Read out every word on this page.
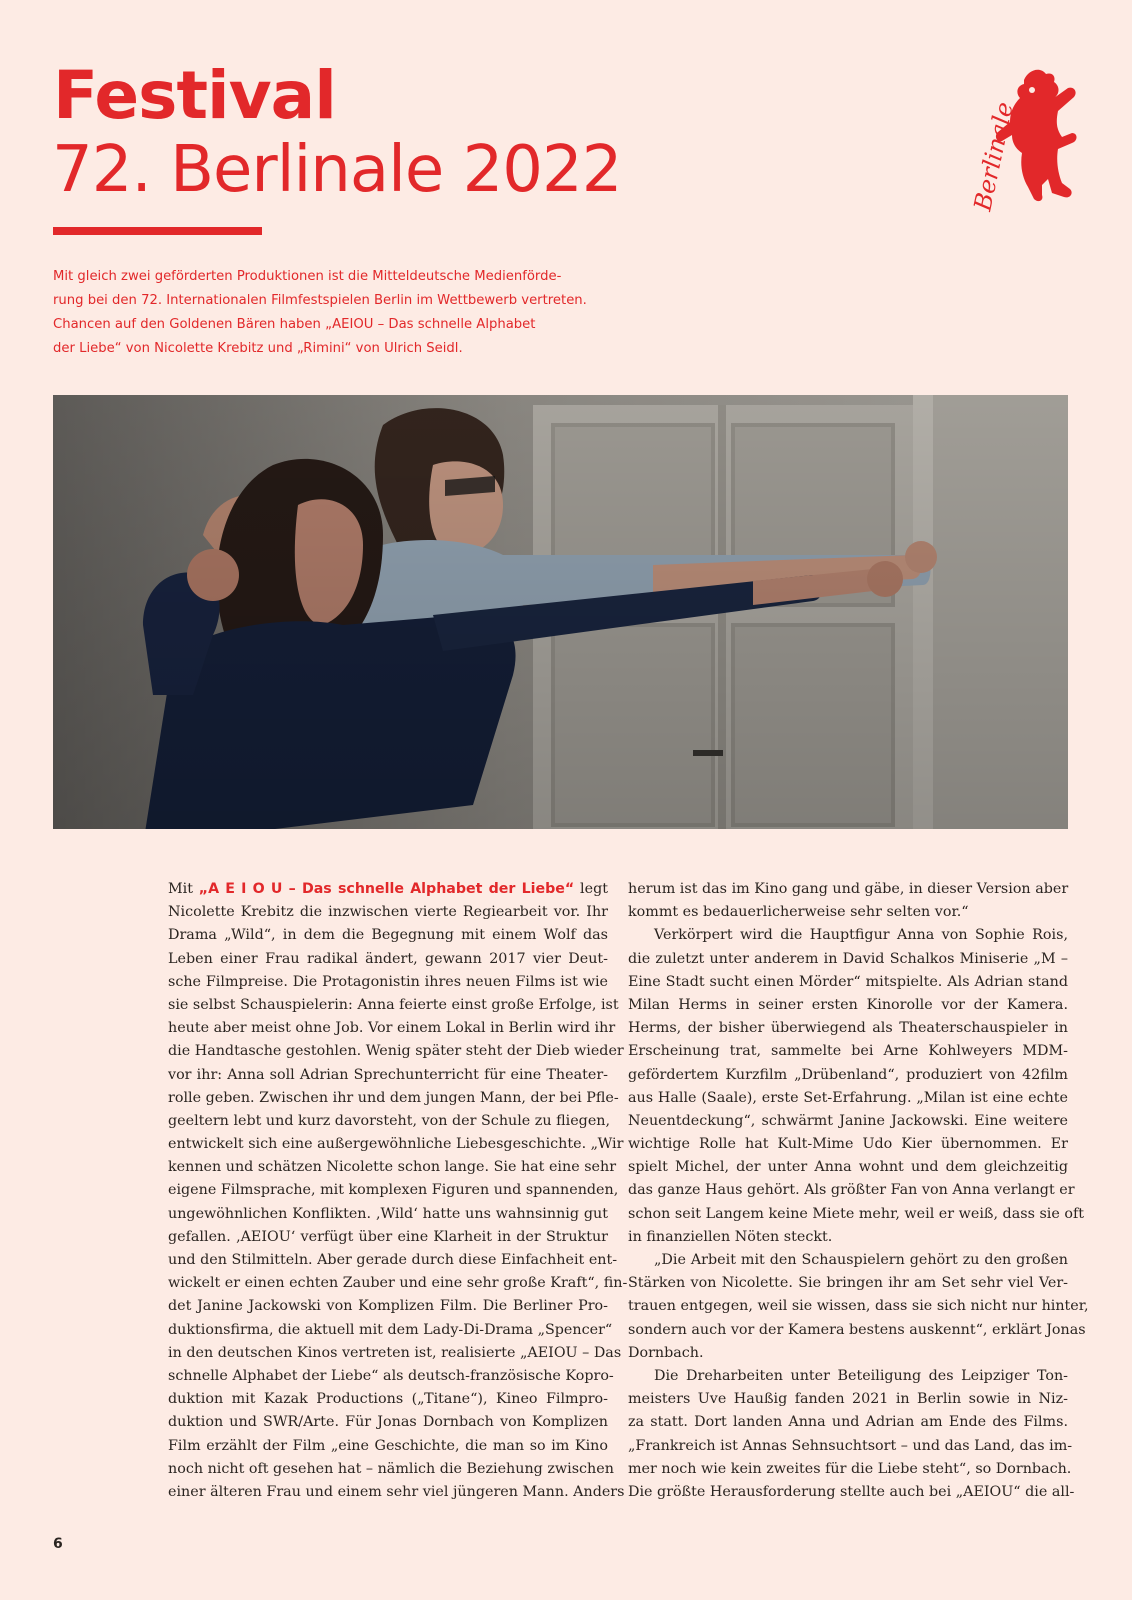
Festival
72. Berlinale 2022	Berlinale
Mit gleich zwei geförderten Produktionen ist die Mitteldeutsche Medienförde-
rung bei den 72. Internationalen Filmfestspielen Berlin im Wettbewerb vertreten.
Chancen auf den Goldenen Bären haben „AEIOU – Das schnelle Alphabet
der Liebe“ von Nicolette Krebitz und „Rimini“ von Ulrich Seidl.
Mit „A E I O U – Das schnelle Alphabet der Liebe“ legt
Nicolette Krebitz die inzwischen vierte Regiearbeit vor. Ihr
Drama „Wild“, in dem die Begegnung mit einem Wolf das
Leben einer Frau radikal ändert, gewann 2017 vier Deut-
sche Filmpreise. Die Protagonistin ihres neuen Films ist wie
sie selbst Schauspielerin: Anna feierte einst große Erfolge, ist
heute aber meist ohne Job. Vor einem Lokal in Berlin wird ihr
die Handtasche gestohlen. Wenig später steht der Dieb wieder
vor ihr: Anna soll Adrian Sprechunterricht für eine Theater-
rolle geben. Zwischen ihr und dem jungen Mann, der bei Pfle-
geeltern lebt und kurz davorsteht, von der Schule zu fliegen,
entwickelt sich eine außergewöhnliche Liebesgeschichte. „Wir
kennen und schätzen Nicolette schon lange. Sie hat eine sehr
eigene Filmsprache, mit komplexen Figuren und spannenden,
ungewöhnlichen Konflikten. ‚Wild‘ hatte uns wahnsinnig gut
gefallen. ‚AEIOU‘ verfügt über eine Klarheit in der Struktur
und den Stilmitteln. Aber gerade durch diese Einfachheit ent-
wickelt er einen echten Zauber und eine sehr große Kraft“, fin-
det Janine Jackowski von Komplizen Film. Die Berliner Pro-
duktionsfirma, die aktuell mit dem Lady-Di-Drama „Spencer“
in den deutschen Kinos vertreten ist, realisierte „AEIOU – Das
schnelle Alphabet der Liebe“ als deutsch-französische Kopro-
duktion mit Kazak Productions („Titane“), Kineo Filmpro-
duktion und SWR/Arte. Für Jonas Dornbach von Komplizen
Film erzählt der Film „eine Geschichte, die man so im Kino
noch nicht oft gesehen hat – nämlich die Beziehung zwischen
einer älteren Frau und einem sehr viel jüngeren Mann. Anders
herum ist das im Kino gang und gäbe, in dieser Version aber
kommt es bedauerlicherweise sehr selten vor.“
Verkörpert wird die Hauptfigur Anna von Sophie Rois,
die zuletzt unter anderem in David Schalkos Miniserie „M –
Eine Stadt sucht einen Mörder“ mitspielte. Als Adrian stand
Milan Herms in seiner ersten Kinorolle vor der Kamera.
Herms, der bisher überwiegend als Theaterschauspieler in
Erscheinung trat, sammelte bei Arne Kohlweyers MDM-
gefördertem Kurzfilm „Drübenland“, produziert von 42film
aus Halle (Saale), erste Set-Erfahrung. „Milan ist eine echte
Neuentdeckung“, schwärmt Janine Jackowski. Eine weitere
wichtige Rolle hat Kult-Mime Udo Kier übernommen. Er
spielt Michel, der unter Anna wohnt und dem gleichzeitig
das ganze Haus gehört. Als größter Fan von Anna verlangt er
schon seit Langem keine Miete mehr, weil er weiß, dass sie oft
in finanziellen Nöten steckt.
„Die Arbeit mit den Schauspielern gehört zu den großen
Stärken von Nicolette. Sie bringen ihr am Set sehr viel Ver-
trauen entgegen, weil sie wissen, dass sie sich nicht nur hinter,
sondern auch vor der Kamera bestens auskennt“, erklärt Jonas
Dornbach.
Die Dreharbeiten unter Beteiligung des Leipziger Ton-
meisters Uve Haußig fanden 2021 in Berlin sowie in Niz-
za statt. Dort landen Anna und Adrian am Ende des Films.
„Frankreich ist Annas Sehnsuchtsort – und das Land, das im-
mer noch wie kein zweites für die Liebe steht“, so Dornbach.
Die größte Herausforderung stellte auch bei „AEIOU“ die all-
6
